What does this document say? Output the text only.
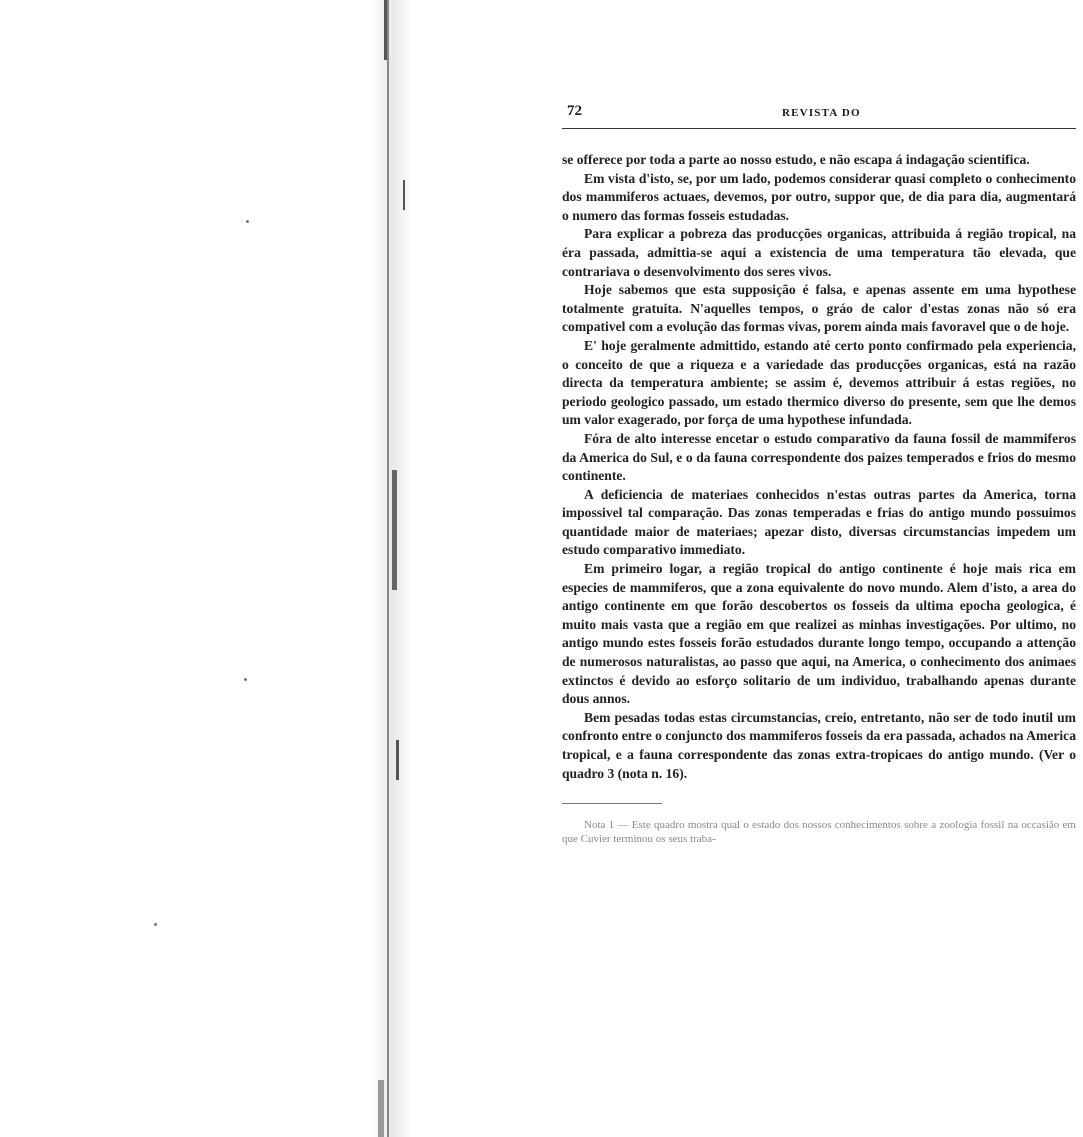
72	REVISTA DO

se offerece por toda a parte ao nosso estudo, e não escapa á indagação scientifica.

Em vista d'isto, se, por um lado, podemos considerar quasi completo o conhecimento dos mammiferos actuaes, devemos, por outro, suppor que, de dia para dia, augmentará o numero das formas fosseis estudadas.

Para explicar a pobreza das producções organicas, attribuida á região tropical, na éra passada, admittia-se aqui a existencia de uma temperatura tão elevada, que contrariava o desenvolvimento dos seres vivos.

Hoje sabemos que esta supposição é falsa, e apenas assente em uma hypothese totalmente gratuita. N'aquelles tempos, o gráo de calor d'estas zonas não só era compativel com a evolução das formas vivas, porem ainda mais favoravel que o de hoje.

E' hoje geralmente admittido, estando até certo ponto confirmado pela experiencia, o conceito de que a riqueza e a variedade das producções organicas, está na razão directa da temperatura ambiente; se assim é, devemos attribuir á estas regiões, no periodo geologico passado, um estado thermico diverso do presente, sem que lhe demos um valor exagerado, por força de uma hypothese infundada.

Fóra de alto interesse encetar o estudo comparativo da fauna fossil de mammiferos da America do Sul, e o da fauna correspondente dos paizes temperados e frios do mesmo continente.

A deficiencia de materiaes conhecidos n'estas outras partes da America, torna impossivel tal comparação. Das zonas temperadas e frias do antigo mundo possuimos quantidade maior de materiaes; apezar disto, diversas circumstancias impedem um estudo comparativo immediato.

Em primeiro logar, a região tropical do antigo continente é hoje mais rica em especies de mammiferos, que a zona equivalente do novo mundo. Alem d'isto, a area do antigo continente em que forão descobertos os fosseis da ultima epocha geologica, é muito mais vasta que a região em que realizei as minhas investigações. Por ultimo, no antigo mundo estes fosseis forão estudados durante longo tempo, occupando a attenção de numerosos naturalistas, ao passo que aqui, na America, o conhecimento dos animaes extinctos é devido ao esforço solitario de um individuo, trabalhando apenas durante dous annos.

Bem pesadas todas estas circumstancias, creio, entretanto, não ser de todo inutil um confronto entre o conjuncto dos mammiferos fosseis da era passada, achados na America tropical, e a fauna correspondente das zonas extra-tropicaes do antigo mundo. (Ver o quadro 3 (nota n. 16).

Nota 1 — Este quadro mostra qual o estado dos nossos conhecimentos sobre a zoologia fossil na occasião em que Cuvier terminou os seus traba-
